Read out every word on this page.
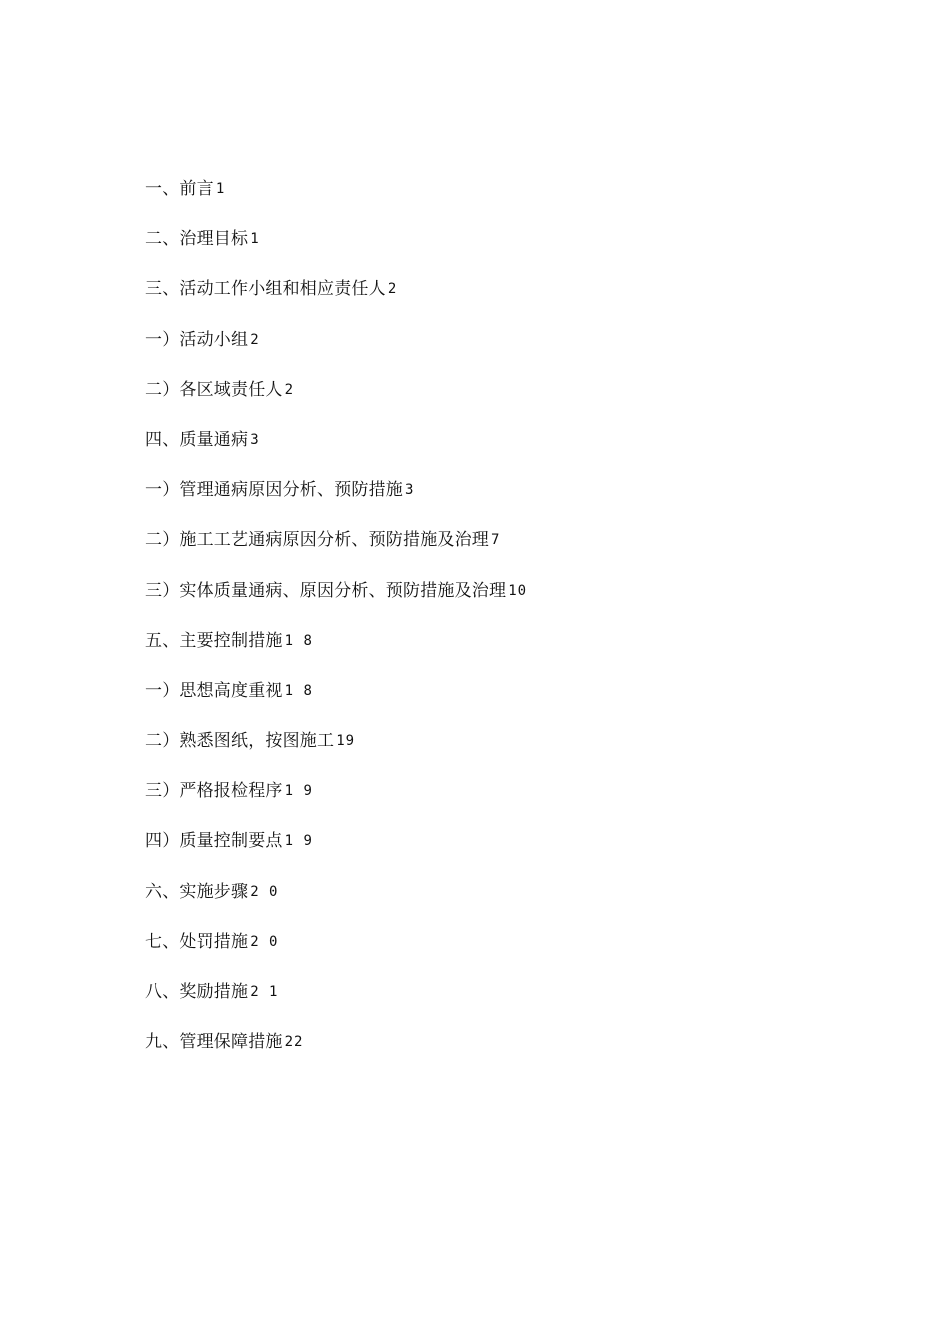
一、前言 1
二、治理目标 1
三、活动工作小组和相应责任人 2
一）活动小组 2
二）各区域责任人 2
四、质量通病 3
一）管理通病原因分析、预防措施 3
二）施工工艺通病原因分析、预防措施及治理 7
三）实体质量通病、原因分析、预防措施及治理 10
五、主要控制措施 1 8
一）思想高度重视 1 8
二）熟悉图纸，按图施工 19
三）严格报检程序 1 9
四）质量控制要点 1 9
六、实施步骤 2 0
七、处罚措施 2 0
八、奖励措施 2 1
九、管理保障措施 22
